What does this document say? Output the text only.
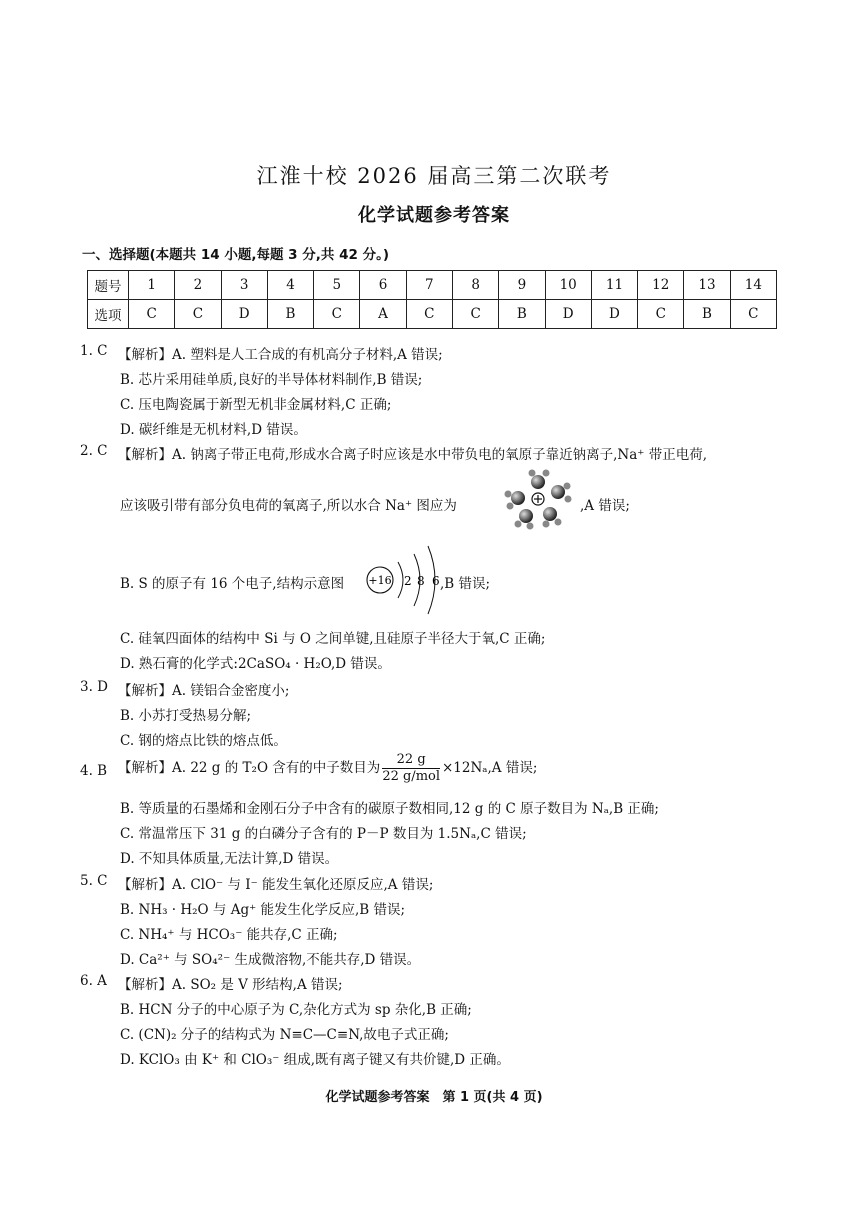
江淮十校 2026 届高三第二次联考
化学试题参考答案
一、选择题(本题共 14 小题,每题 3 分,共 42 分。)
题号	1	2	3	4	5	6	7	8	9	10	11	12	13	14
选项	C	C	D	B	C	A	C	C	B	D	D	C	B	C
1. C 【解析】A. 塑料是人工合成的有机高分子材料,A 错误;
B. 芯片采用硅单质,良好的半导体材料制作,B 错误;
C. 压电陶瓷属于新型无机非金属材料,C 正确;
D. 碳纤维是无机材料,D 错误。
2. C 【解析】A. 钠离子带正电荷,形成水合离子时应该是水中带负电的氧原子靠近钠离子,Na⁺ 带正电荷,
应该吸引带有部分负电荷的氧离子,所以水合 Na⁺ 图应为	,A 错误;
B. S 的原子有 16 个电子,结构示意图 +16 2 8 6 ,B 错误;
C. 硅氧四面体的结构中 Si 与 O 之间单键,且硅原子半径大于氧,C 正确;
D. 熟石膏的化学式:2CaSO₄ · H₂O,D 错误。
3. D 【解析】A. 镁铝合金密度小;
B. 小苏打受热易分解;
C. 钢的熔点比铁的熔点低。
4. B 【解析】A. 22 g 的 T₂O 含有的中子数目为 $\frac{22 g}{\text{22 g/mol}} \times 12N_a,A$ 错误;
B. 等质量的石墨烯和金刚石分子中含有的碳原子数相同,12 g 的 C 原子数目为 Nₐ,B 正确;
C. 常温常压下 31 g 的白磷分子含有的 P－P 数目为 1.5Nₐ,C 错误;
D. 不知具体质量,无法计算,D 错误。
5. C 【解析】A. ClO⁻ 与 I⁻ 能发生氧化还原反应,A 错误;
B. NH₃ · H₂O 与 Ag⁺ 能发生化学反应,B 错误;
C. NH₄⁺ 与 HCO₃⁻ 能共存,C 正确;
D. Ca²⁺ 与 SO₄²⁻ 生成微溶物,不能共存,D 错误。
6. A 【解析】A. SO₂ 是 V 形结构,A 错误;
B. HCN 分子的中心原子为 C,杂化方式为 sp 杂化,B 正确;
C. (CN)₂ 分子的结构式为 N≡C—C≡N,故电子式正确;
D. KClO₃ 由 K⁺ 和 ClO₃⁻ 组成,既有离子键又有共价键,D 正确。
化学试题参考答案　第 1 页(共 4 页)
